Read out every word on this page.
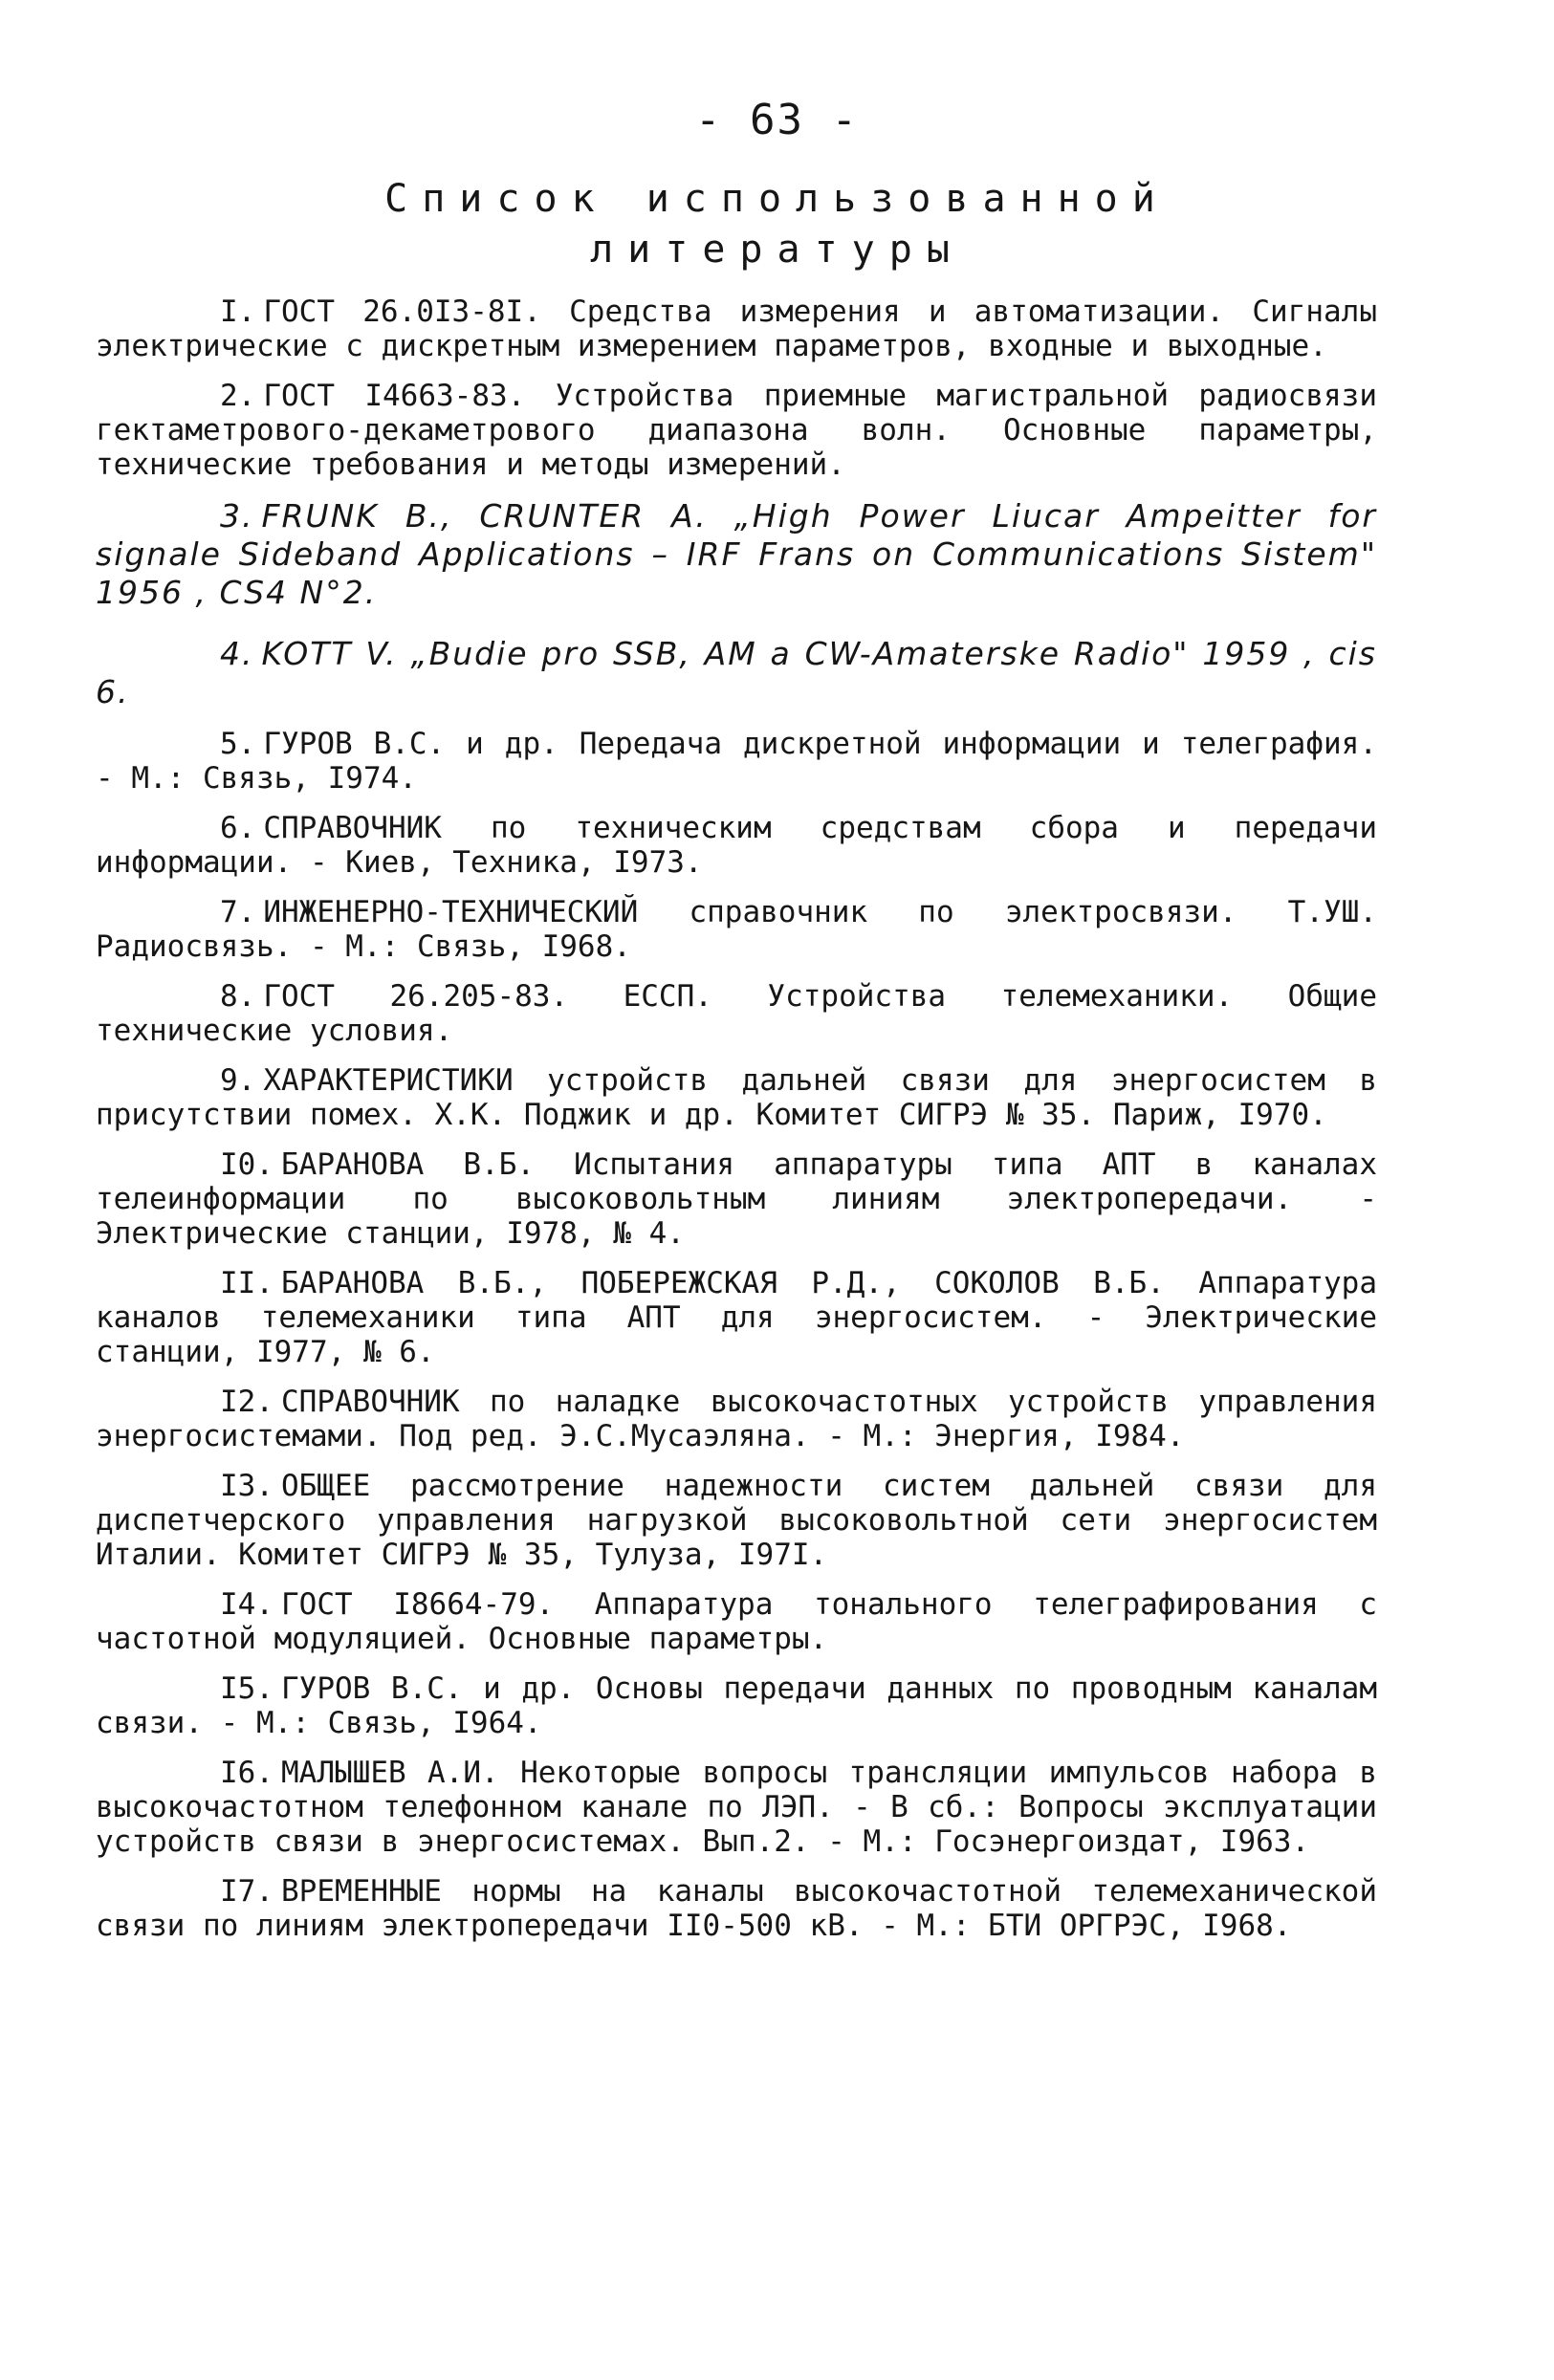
- 63 -
Список использованной
литературы
I. ГОСТ 26.0I3-8I. Средства измерения и автоматизации. Сигналы электрические с дискретным измерением параметров, входные и выходные.
2. ГОСТ I4663-83. Устройства приемные магистральной радиосвязи гектаметрового-декаметрового диапазона волн. Основные параметры, технические требования и методы измерений.
3. FRUNK B., CRUNTER A. „High Power Liucar Ampeitter for signale Sideband Applications – IRF Frans on Communications Sistem" 1956 , CS4 N°2.
4. KOTT V. „Budie pro SSB, AM a CW-Amaterske Radio" 1959 , cis 6.
5. ГУРОВ В.С. и др. Передача дискретной информации и телеграфия. - М.: Связь, I974.
6. СПРАВОЧНИК по техническим средствам сбора и передачи информации. - Киев, Техника, I973.
7. ИНЖЕНЕРНО-ТЕХНИЧЕСКИЙ справочник по электросвязи. Т.УШ. Радиосвязь. - М.: Связь, I968.
8. ГОСТ 26.205-83. ЕССП. Устройства телемеханики. Общие технические условия.
9. ХАРАКТЕРИСТИКИ устройств дальней связи для энергосистем в присутствии помех. Х.К. Поджик и др. Комитет СИГРЭ № 35. Париж, I970.
I0. БАРАНОВА В.Б. Испытания аппаратуры типа АПТ в каналах телеинформации по высоковольтным линиям электропередачи. - Электрические станции, I978, № 4.
II. БАРАНОВА В.Б., ПОБЕРЕЖСКАЯ Р.Д., СОКОЛОВ В.Б. Аппаратура каналов телемеханики типа АПТ для энергосистем. - Электрические станции, I977, № 6.
I2. СПРАВОЧНИК по наладке высокочастотных устройств управления энергосистемами. Под ред. Э.С.Мусаэляна. - М.: Энергия, I984.
I3. ОБЩЕЕ рассмотрение надежности систем дальней связи для диспетчерского управления нагрузкой высоковольтной сети энергосистем Италии. Комитет СИГРЭ № 35, Тулуза, I97I.
I4. ГОСТ I8664-79. Аппаратура тонального телеграфирования с частотной модуляцией. Основные параметры.
I5. ГУРОВ В.С. и др. Основы передачи данных по проводным каналам связи. - М.: Связь, I964.
I6. МАЛЫШЕВ А.И. Некоторые вопросы трансляции импульсов набора в высокочастотном телефонном канале по ЛЭП. - В сб.: Вопросы эксплуатации устройств связи в энергосистемах. Вып.2. - М.: Госэнергоиздат, I963.
I7. ВРЕМЕННЫЕ нормы на каналы высокочастотной телемеханической связи по линиям электропередачи II0-500 кВ. - М.: БТИ ОРГРЭС, I968.
